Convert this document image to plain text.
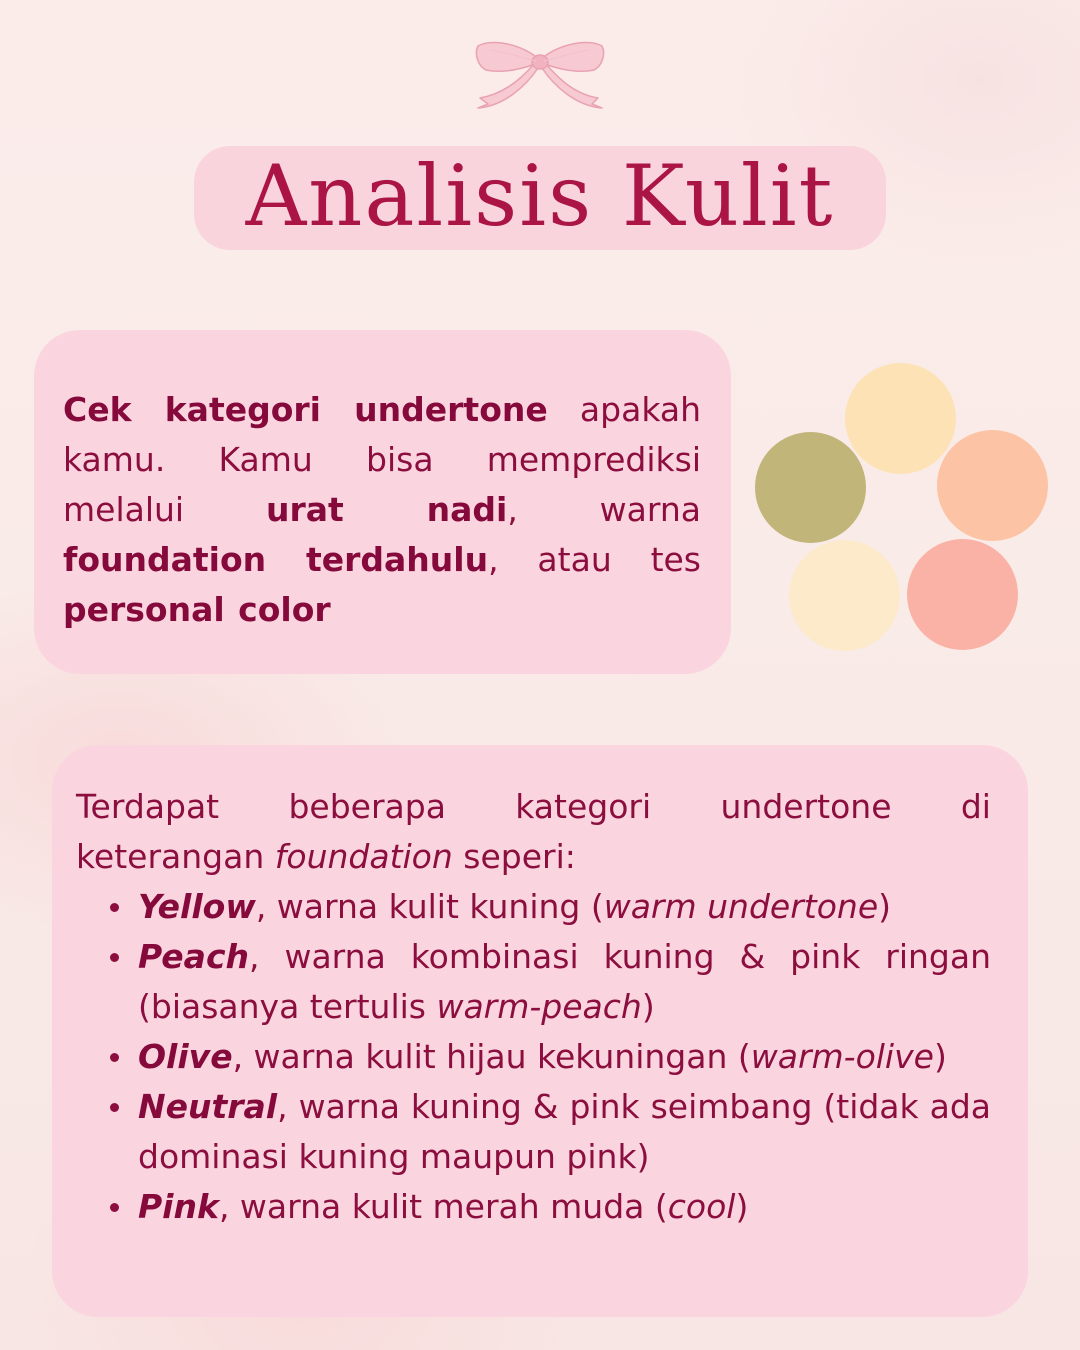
Analisis Kulit

Cek kategori undertone apakah kamu. Kamu bisa memprediksi melalui urat nadi, warna foundation terdahulu, atau tes personal color

Terdapat beberapa kategori undertone di
keterangan foundation seperi:
Yellow, warna kulit kuning (warm undertone)
Peach, warna kombinasi kuning & pink ringan (biasanya tertulis warm-peach)
Olive, warna kulit hijau kekuningan (warm-olive)
Neutral, warna kuning & pink seimbang (tidak ada dominasi kuning maupun pink)
Pink, warna kulit merah muda (cool)
